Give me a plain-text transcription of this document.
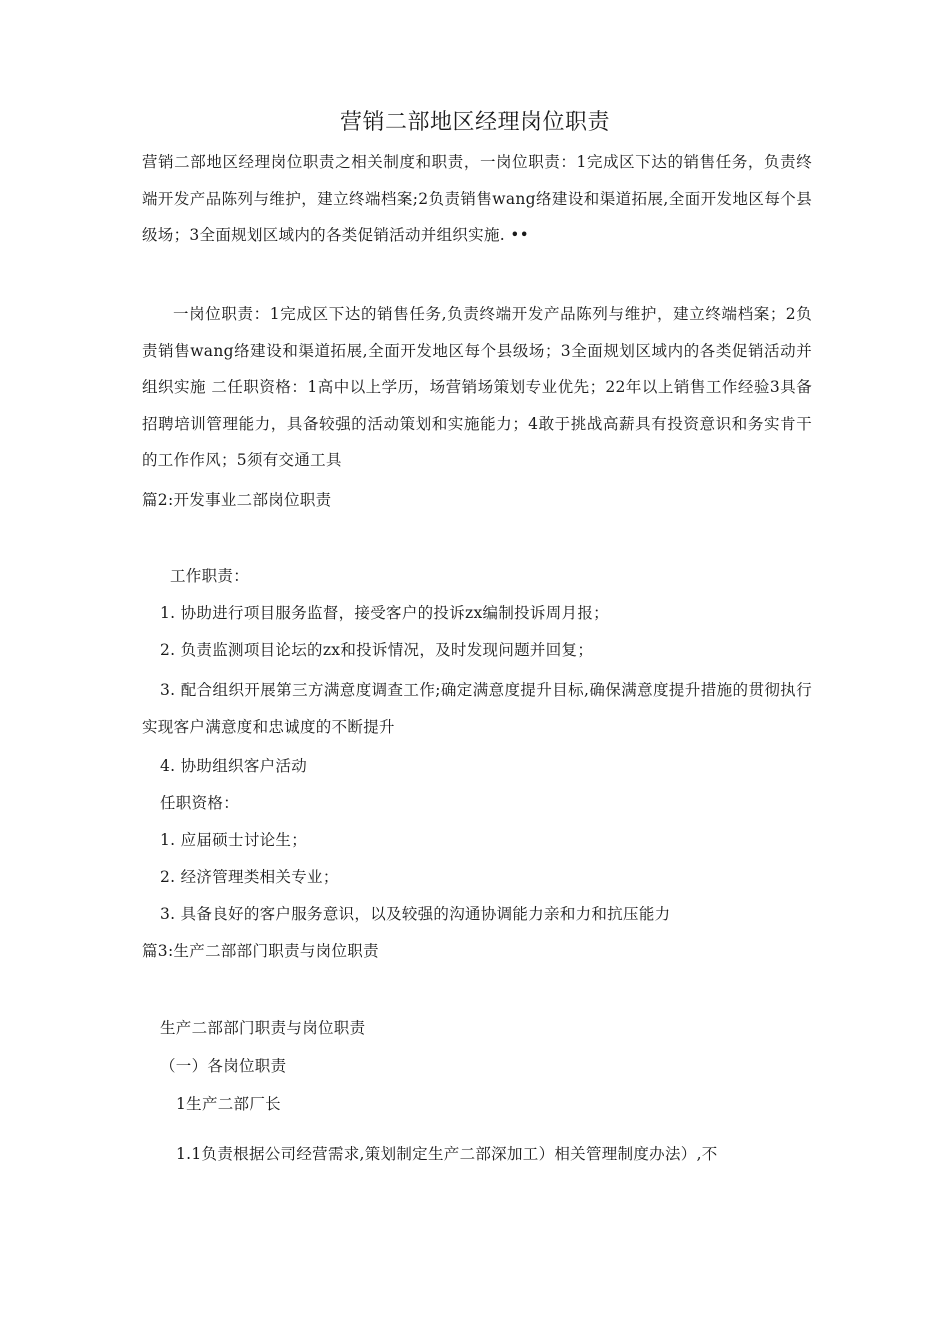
营销二部地区经理岗位职责
营销二部地区经理岗位职责之相关制度和职责，一岗位职责：1完成区下达的销售任务，负责终端开发产品陈列与维护，建立终端档案;2负责销售wang络建设和渠道拓展,全面开发地区每个县级场；3全面规划区域内的各类促销活动并组织实施. ••
一岗位职责：1完成区下达的销售任务,负责终端开发产品陈列与维护，建立终端档案；2负责销售wang络建设和渠道拓展,全面开发地区每个县级场；3全面规划区域内的各类促销活动并组织实施 二任职资格：1高中以上学历，场营销场策划专业优先；22年以上销售工作经验3具备招聘培训管理能力，具备较强的活动策划和实施能力；4敢于挑战高薪具有投资意识和务实肯干的工作作风；5须有交通工具
篇2:开发事业二部岗位职责
工作职责：
1. 协助进行项目服务监督，接受客户的投诉zx编制投诉周月报；
2. 负责监测项目论坛的zx和投诉情况，及时发现问题并回复；
3. 配合组织开展第三方满意度调查工作;确定满意度提升目标,确保满意度提升措施的贯彻执行实现客户满意度和忠诚度的不断提升
4. 协助组织客户活动
任职资格：
1. 应届硕士讨论生；
2. 经济管理类相关专业；
3. 具备良好的客户服务意识，以及较强的沟通协调能力亲和力和抗压能力
篇3:生产二部部门职责与岗位职责
生产二部部门职责与岗位职责
（一）各岗位职责
1生产二部厂长
1.1负责根据公司经营需求,策划制定生产二部深加工）相关管理制度办法）,不
